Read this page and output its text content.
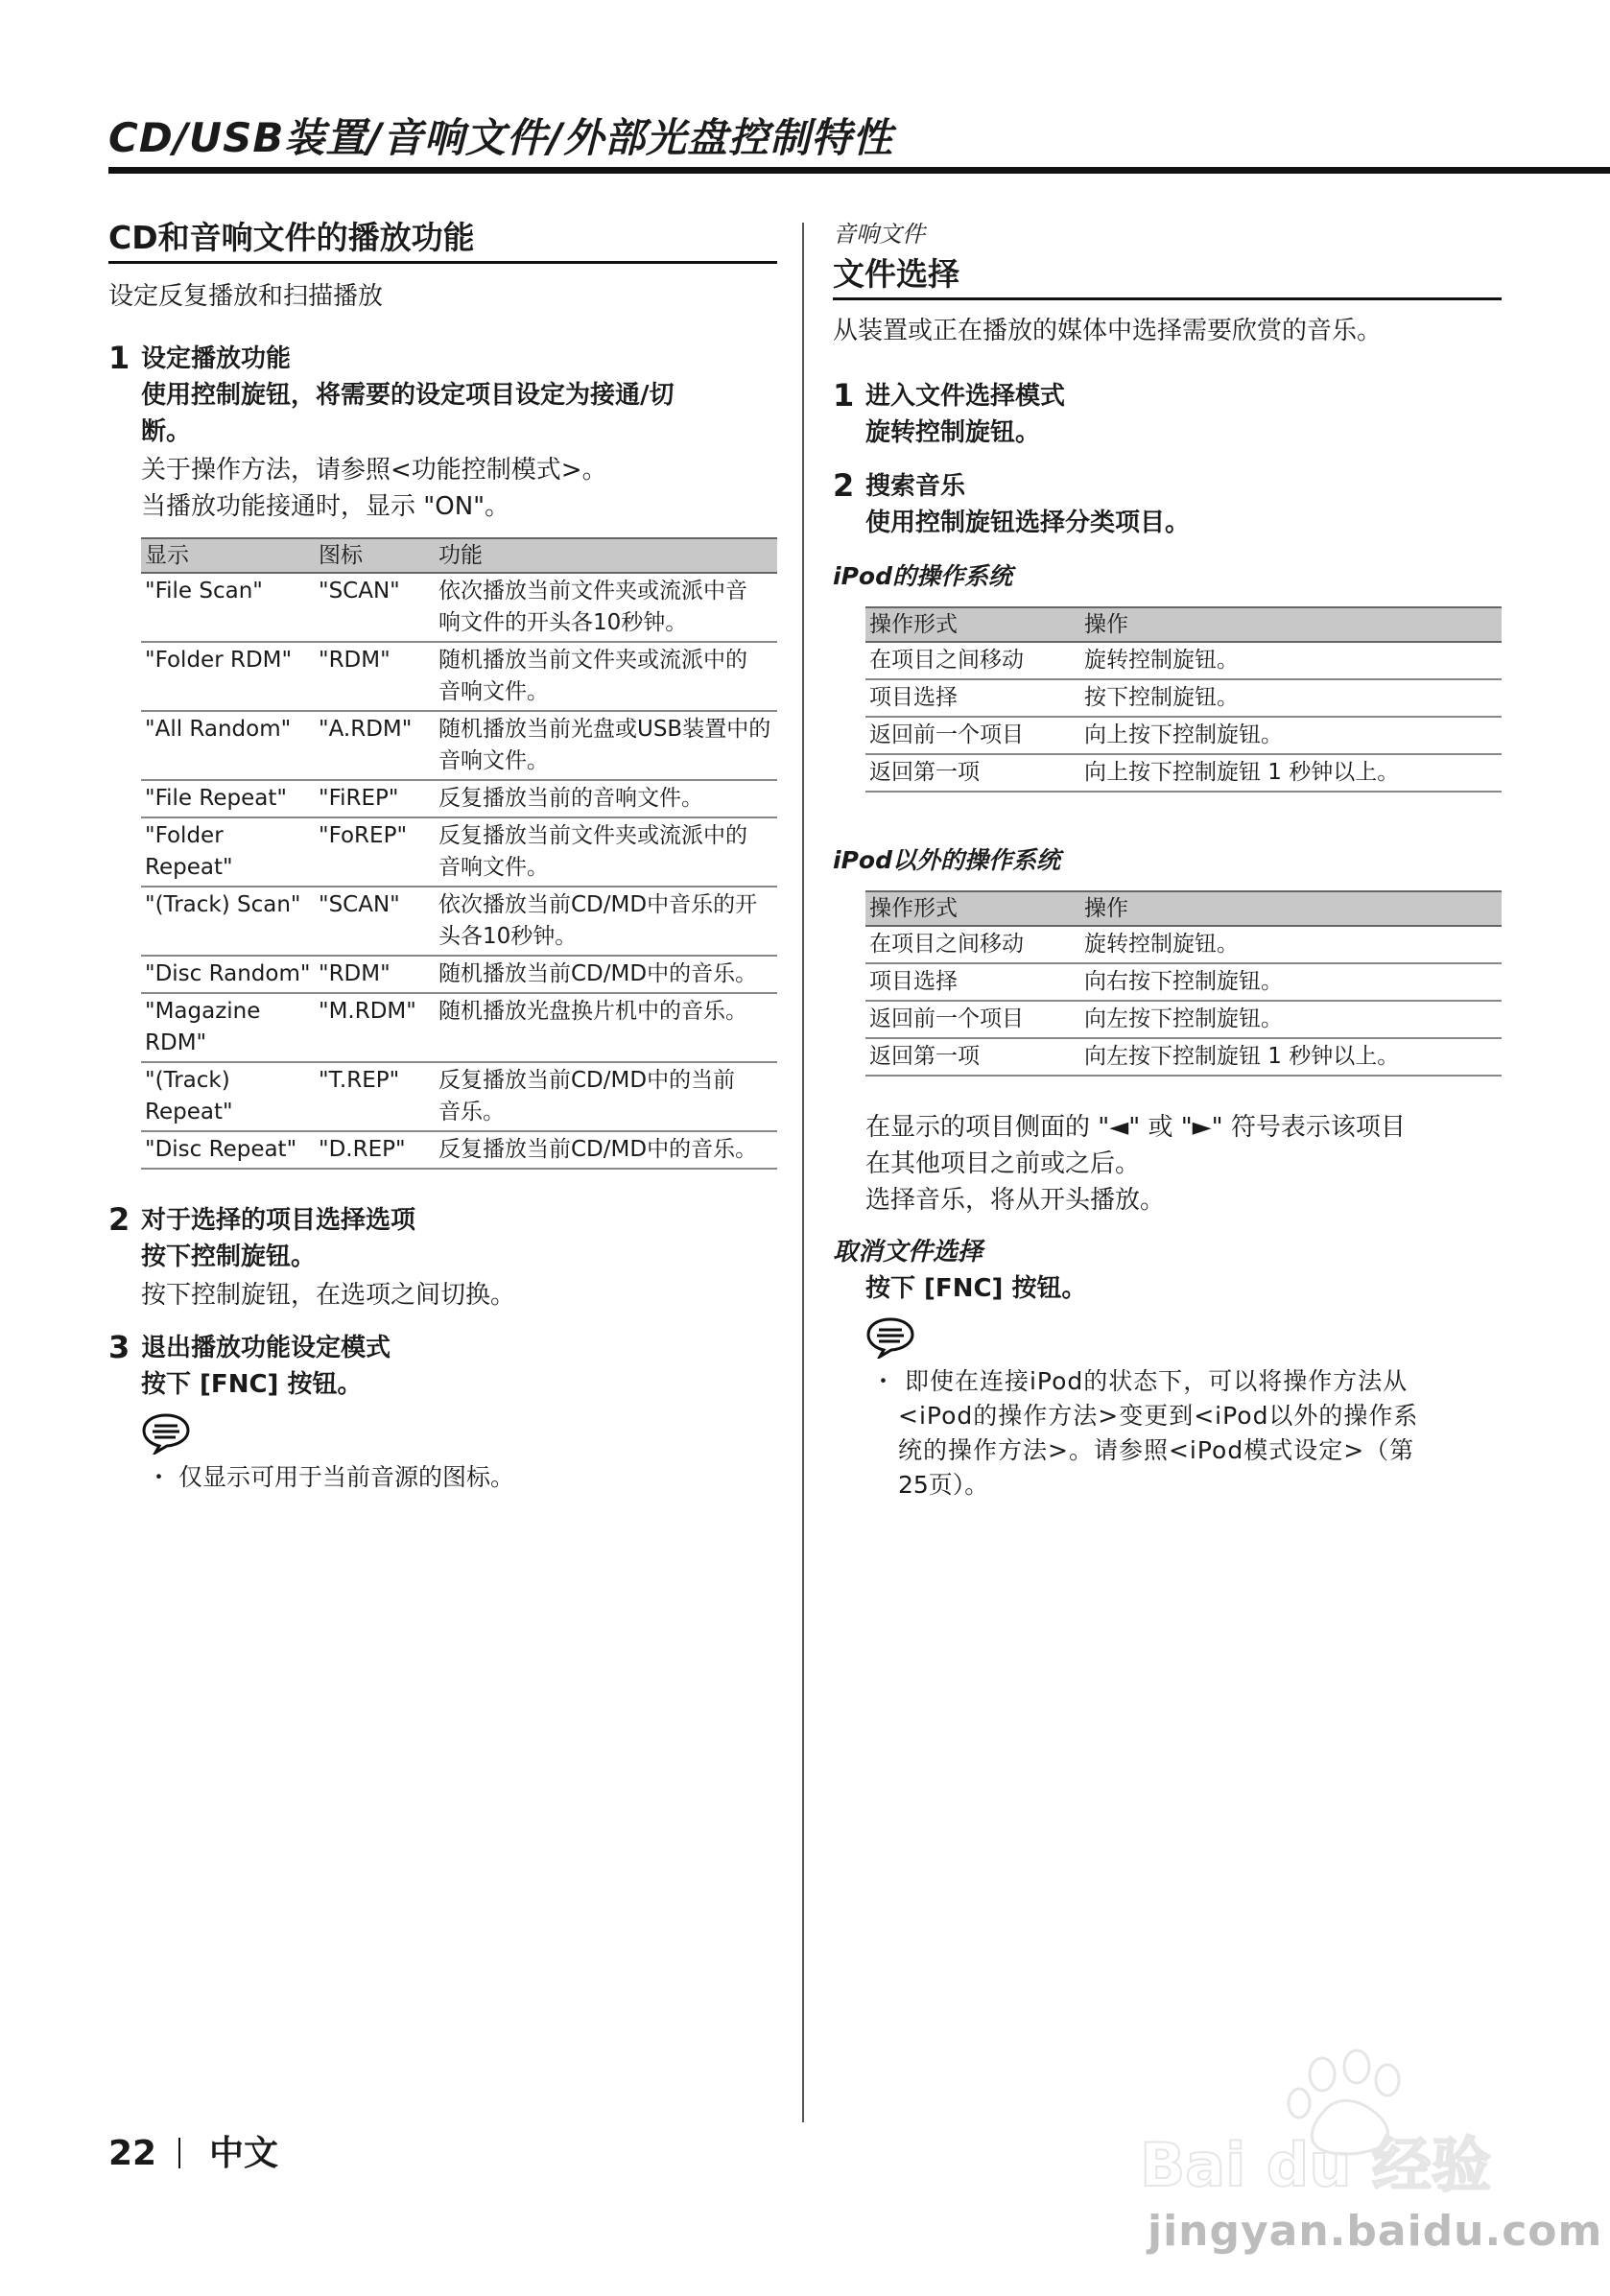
CD/USB装置/音响文件/外部光盘控制特性
CD和音响文件的播放功能

设定反复播放和扫描播放

1 设定播放功能

使用控制旋钮，将需要的设定项目设定为接通/切

断。

关于操作方法，请参照<功能控制模式>。

当播放功能接通时，显示 "ON"。

显示	图标	功能
"File Scan"	"SCAN"	依次播放当前文件夹或流派中音
响文件的开头各10秒钟。

"Folder RDM"	"RDM"	随机播放当前文件夹或流派中的
音响文件。

"All Random"	"A.RDM"	随机播放当前光盘或USB装置中的
音响文件。

"File Repeat"	"FiREP"	反复播放当前的音响文件。

"Folder Repeat"	"FoREP"	反复播放当前文件夹或流派中的
音响文件。

"(Track) Scan"	"SCAN"	依次播放当前CD/MD中音乐的开
头各10秒钟。

"Disc Random"	"RDM"	随机播放当前CD/MD中的音乐。

"Magazine RDM"	"M.RDM"	随机播放光盘换片机中的音乐。

"(Track) Repeat"	"T.REP"	反复播放当前CD/MD中的当前
音乐。

"Disc Repeat"	"D.REP"	反复播放当前CD/MD中的音乐。

2 对于选择的项目选择选项

按下控制旋钮。

按下控制旋钮，在选项之间切换。

3 退出播放功能设定模式

按下 [FNC] 按钮。

・ 仅显示可用于当前音源的图标。

音响文件

文件选择

从装置或正在播放的媒体中选择需要欣赏的音乐。

1 进入文件选择模式

旋转控制旋钮。

2 搜索音乐

使用控制旋钮选择分类项目。

iPod的操作系统

操作形式	操作
在项目之间移动	旋转控制旋钮。
项目选择	按下控制旋钮。
返回前一个项目	向上按下控制旋钮。
返回第一项	向上按下控制旋钮 1 秒钟以上。

iPod以外的操作系统

操作形式	操作
在项目之间移动	旋转控制旋钮。
项目选择	向右按下控制旋钮。
返回前一个项目	向左按下控制旋钮。
返回第一项	向左按下控制旋钮 1 秒钟以上。

在显示的项目侧面的 "◄" 或 "►" 符号表示该项目

在其他项目之前或之后。

选择音乐，将从开头播放。

取消文件选择

按下 [FNC] 按钮。

・ 即使在连接iPod的状态下，可以将操作方法从

<iPod的操作方法>变更到<iPod以外的操作系

统的操作方法>。请参照<iPod模式设定>（第

25页）。

22 中文	Bai du 经验

jingyan.baidu.com
